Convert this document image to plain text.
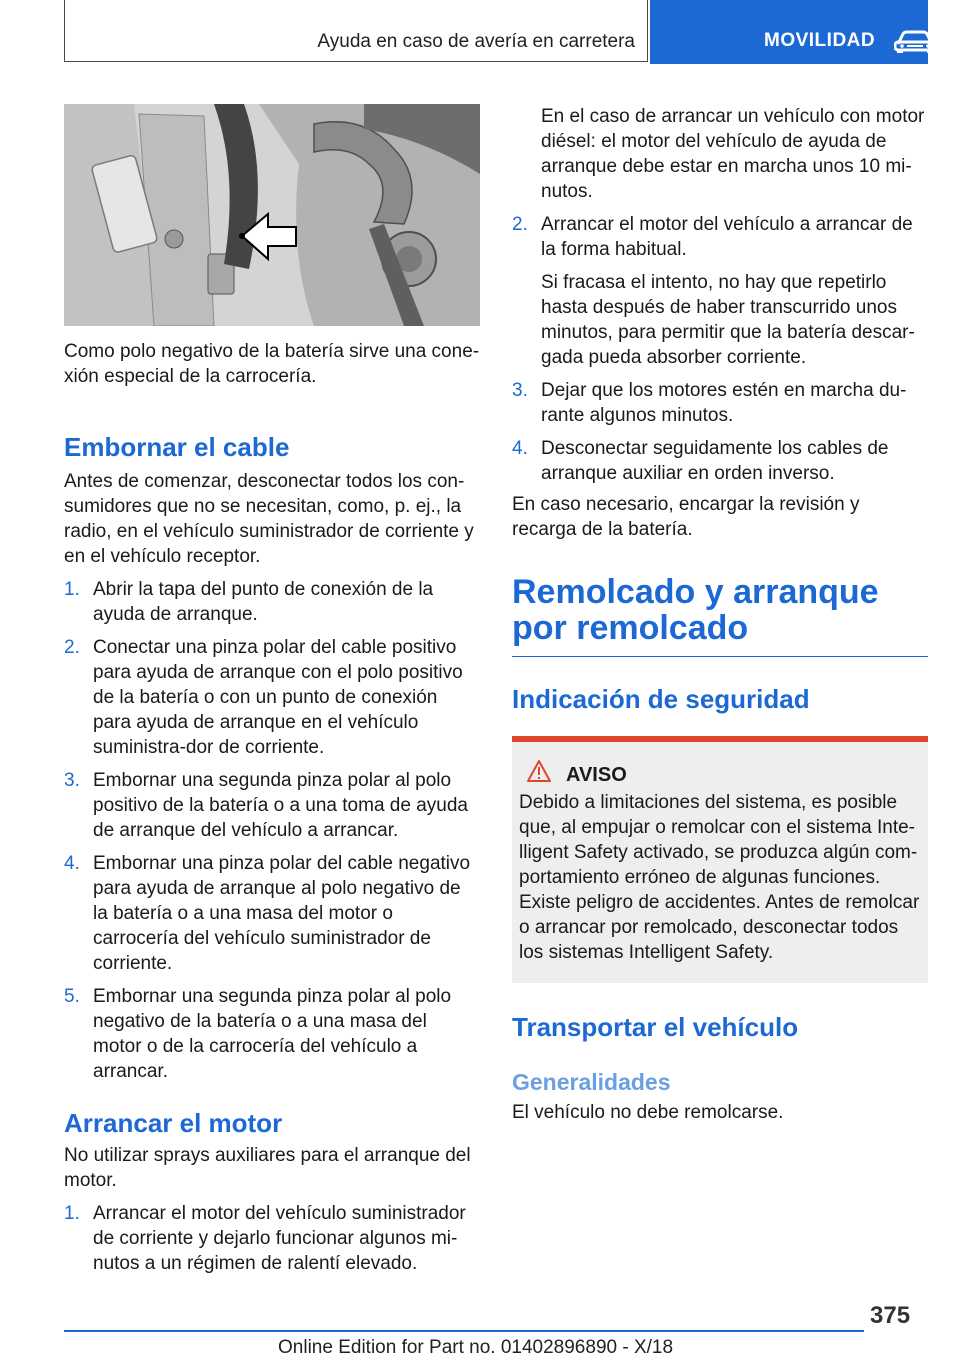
Ayuda en caso de avería en carretera	MOVILIDAD

Como polo negativo de la batería sirve una cone-xión especial de la carrocería.

Embornar el cable

Antes de comenzar, desconectar todos los con-sumidores que no se necesitan, como, p. ej., la radio, en el vehículo suministrador de corriente y en el vehículo receptor.

1. Abrir la tapa del punto de conexión de la ayuda de arranque.
2. Conectar una pinza polar del cable positivo para ayuda de arranque con el polo positivo de la batería o con un punto de conexión para ayuda de arranque en el vehículo suministra-dor de corriente.
3. Embornar una segunda pinza polar al polo positivo de la batería o a una toma de ayuda de arranque del vehículo a arrancar.
4. Embornar una pinza polar del cable negativo para ayuda de arranque al polo negativo de la batería o a una masa del motor o carrocería del vehículo suministrador de corriente.
5. Embornar una segunda pinza polar al polo negativo de la batería o a una masa del motor o de la carrocería del vehículo a arrancar.
Arrancar el motor

No utilizar sprays auxiliares para el arranque del motor.

1. Arrancar el motor del vehículo suministrador de corriente y dejarlo funcionar algunos mi-nutos a un régimen de ralentí elevado.

En el caso de arrancar un vehículo con motor diésel: el motor del vehículo de ayuda de arranque debe estar en marcha unos 10 mi-nutos.

2. Arrancar el motor del vehículo a arrancar de la forma habitual.

Si fracasa el intento, no hay que repetirlo hasta después de haber transcurrido unos minutos, para permitir que la batería descar-gada pueda absorber corriente.

3. Dejar que los motores estén en marcha du-rante algunos minutos.
4. Desconectar seguidamente los cables de arranque auxiliar en orden inverso.

En caso necesario, encargar la revisión y recarga de la batería.

Remolcado y arranque por remolcado
Indicación de seguridad
AVISO

Debido a limitaciones del sistema, es posible que, al empujar o remolcar con el sistema Inte-lligent Safety activado, se produzca algún com-portamiento erróneo de algunas funciones. Existe peligro de accidentes. Antes de remolcar o arrancar por remolcado, desconectar todos los sistemas Intelligent Safety.

Transportar el vehículo
Generalidades

El vehículo no debe remolcarse.

375
Online Edition for Part no. 01402896890 - X/18
